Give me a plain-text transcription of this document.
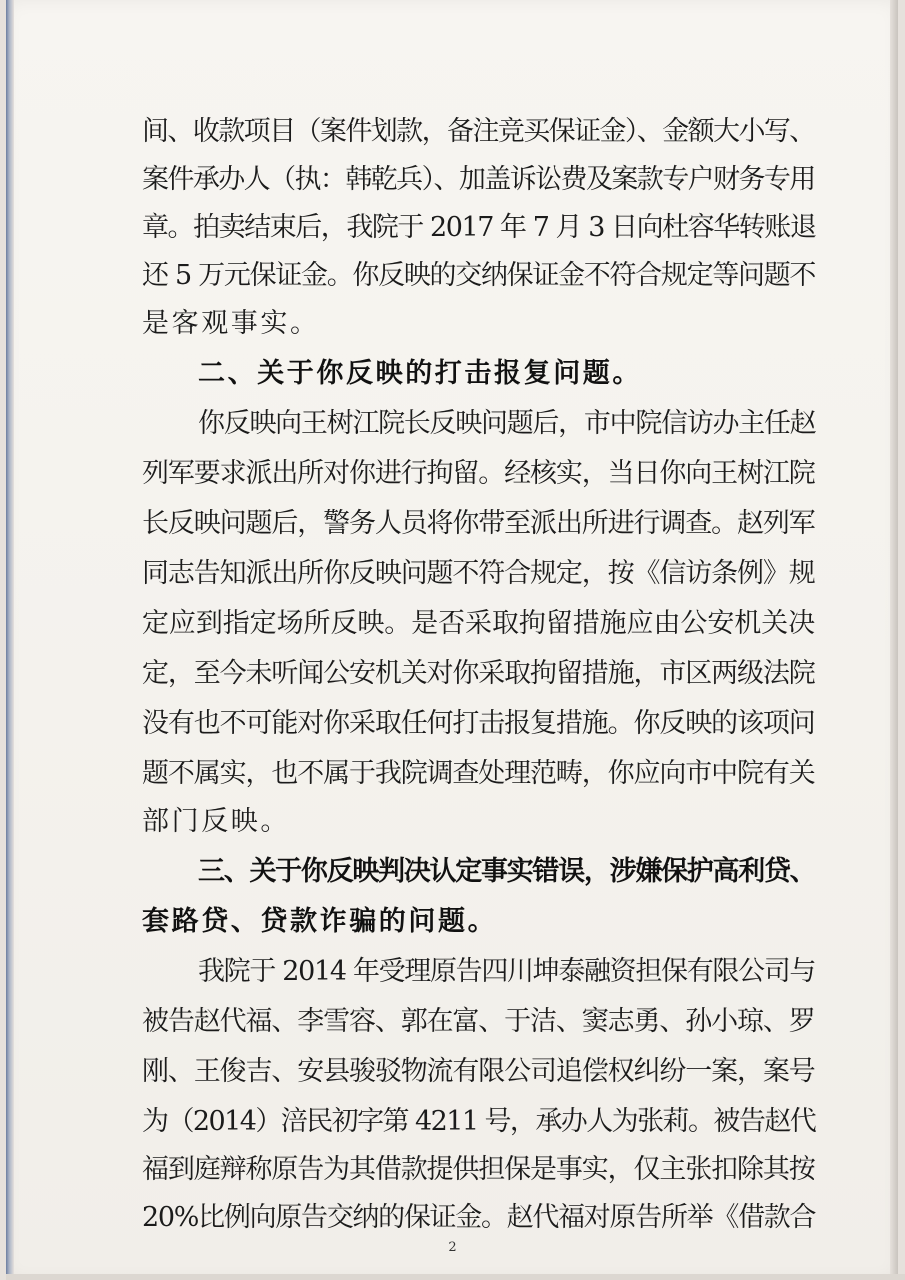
间、收款项目（案件划款，备注竞买保证金）、金额大小写、
案件承办人（执：韩乾兵）、加盖诉讼费及案款专户财务专用
章。拍卖结束后，我院于 2017 年 7 月 3 日向杜容华转账退
还 5 万元保证金。你反映的交纳保证金不符合规定等问题不
是客观事实。
二、关于你反映的打击报复问题。
你反映向王树江院长反映问题后，市中院信访办主任赵
列军要求派出所对你进行拘留。经核实，当日你向王树江院
长反映问题后，警务人员将你带至派出所进行调查。赵列军
同志告知派出所你反映问题不符合规定，按《信访条例》规
定应到指定场所反映。是否采取拘留措施应由公安机关决
定，至今未听闻公安机关对你采取拘留措施，市区两级法院
没有也不可能对你采取任何打击报复措施。你反映的该项问
题不属实，也不属于我院调查处理范畴，你应向市中院有关
部门反映。
三、关于你反映判决认定事实错误，涉嫌保护高利贷、
套路贷、贷款诈骗的问题。
我院于 2014 年受理原告四川坤泰融资担保有限公司与
被告赵代福、李雪容、郭在富、于洁、窦志勇、孙小琼、罗
刚、王俊吉、安县骏驳物流有限公司追偿权纠纷一案，案号
为（2014）涪民初字第 4211 号，承办人为张莉。被告赵代
福到庭辩称原告为其借款提供担保是事实，仅主张扣除其按
20%比例向原告交纳的保证金。赵代福对原告所举《借款合
2
